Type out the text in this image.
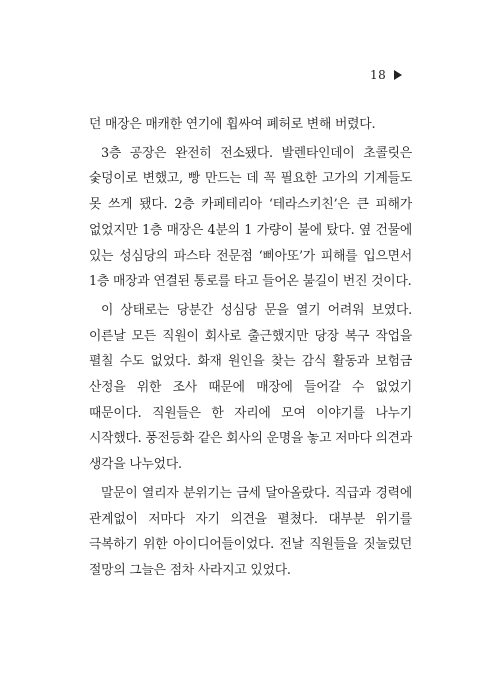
18

던 매장은 매캐한 연기에 휩싸여 폐허로 변해 버렸다.

3층 공장은 완전히 전소됐다. 발렌타인데이 초콜릿은 숯덩이로 변했고, 빵 만드는 데 꼭 필요한 고가의 기계들도 못 쓰게 됐다. 2층 카페테리아 ‘테라스키친’은 큰 피해가 없었지만 1층 매장은 4분의 1 가량이 불에 탔다. 옆 건물에 있는 성심당의 파스타 전문점 ‘삐아또’가 피해를 입으면서 1층 매장과 연결된 통로를 타고 들어온 불길이 번진 것이다.

이 상태로는 당분간 성심당 문을 열기 어려워 보였다. 이른날 모든 직원이 회사로 출근했지만 당장 복구 작업을 펼칠 수도 없었다. 화재 원인을 찾는 감식 활동과 보험금 산정을 위한 조사 때문에 매장에 들어갈 수 없었기 때문이다. 직원들은 한 자리에 모여 이야기를 나누기 시작했다. 풍전등화 같은 회사의 운명을 놓고 저마다 의견과 생각을 나누었다.

말문이 열리자 분위기는 금세 달아올랐다. 직급과 경력에 관계없이 저마다 자기 의견을 펼쳤다. 대부분 위기를 극복하기 위한 아이디어들이었다. 전날 직원들을 짓눌렀던 절망의 그늘은 점차 사라지고 있었다.
